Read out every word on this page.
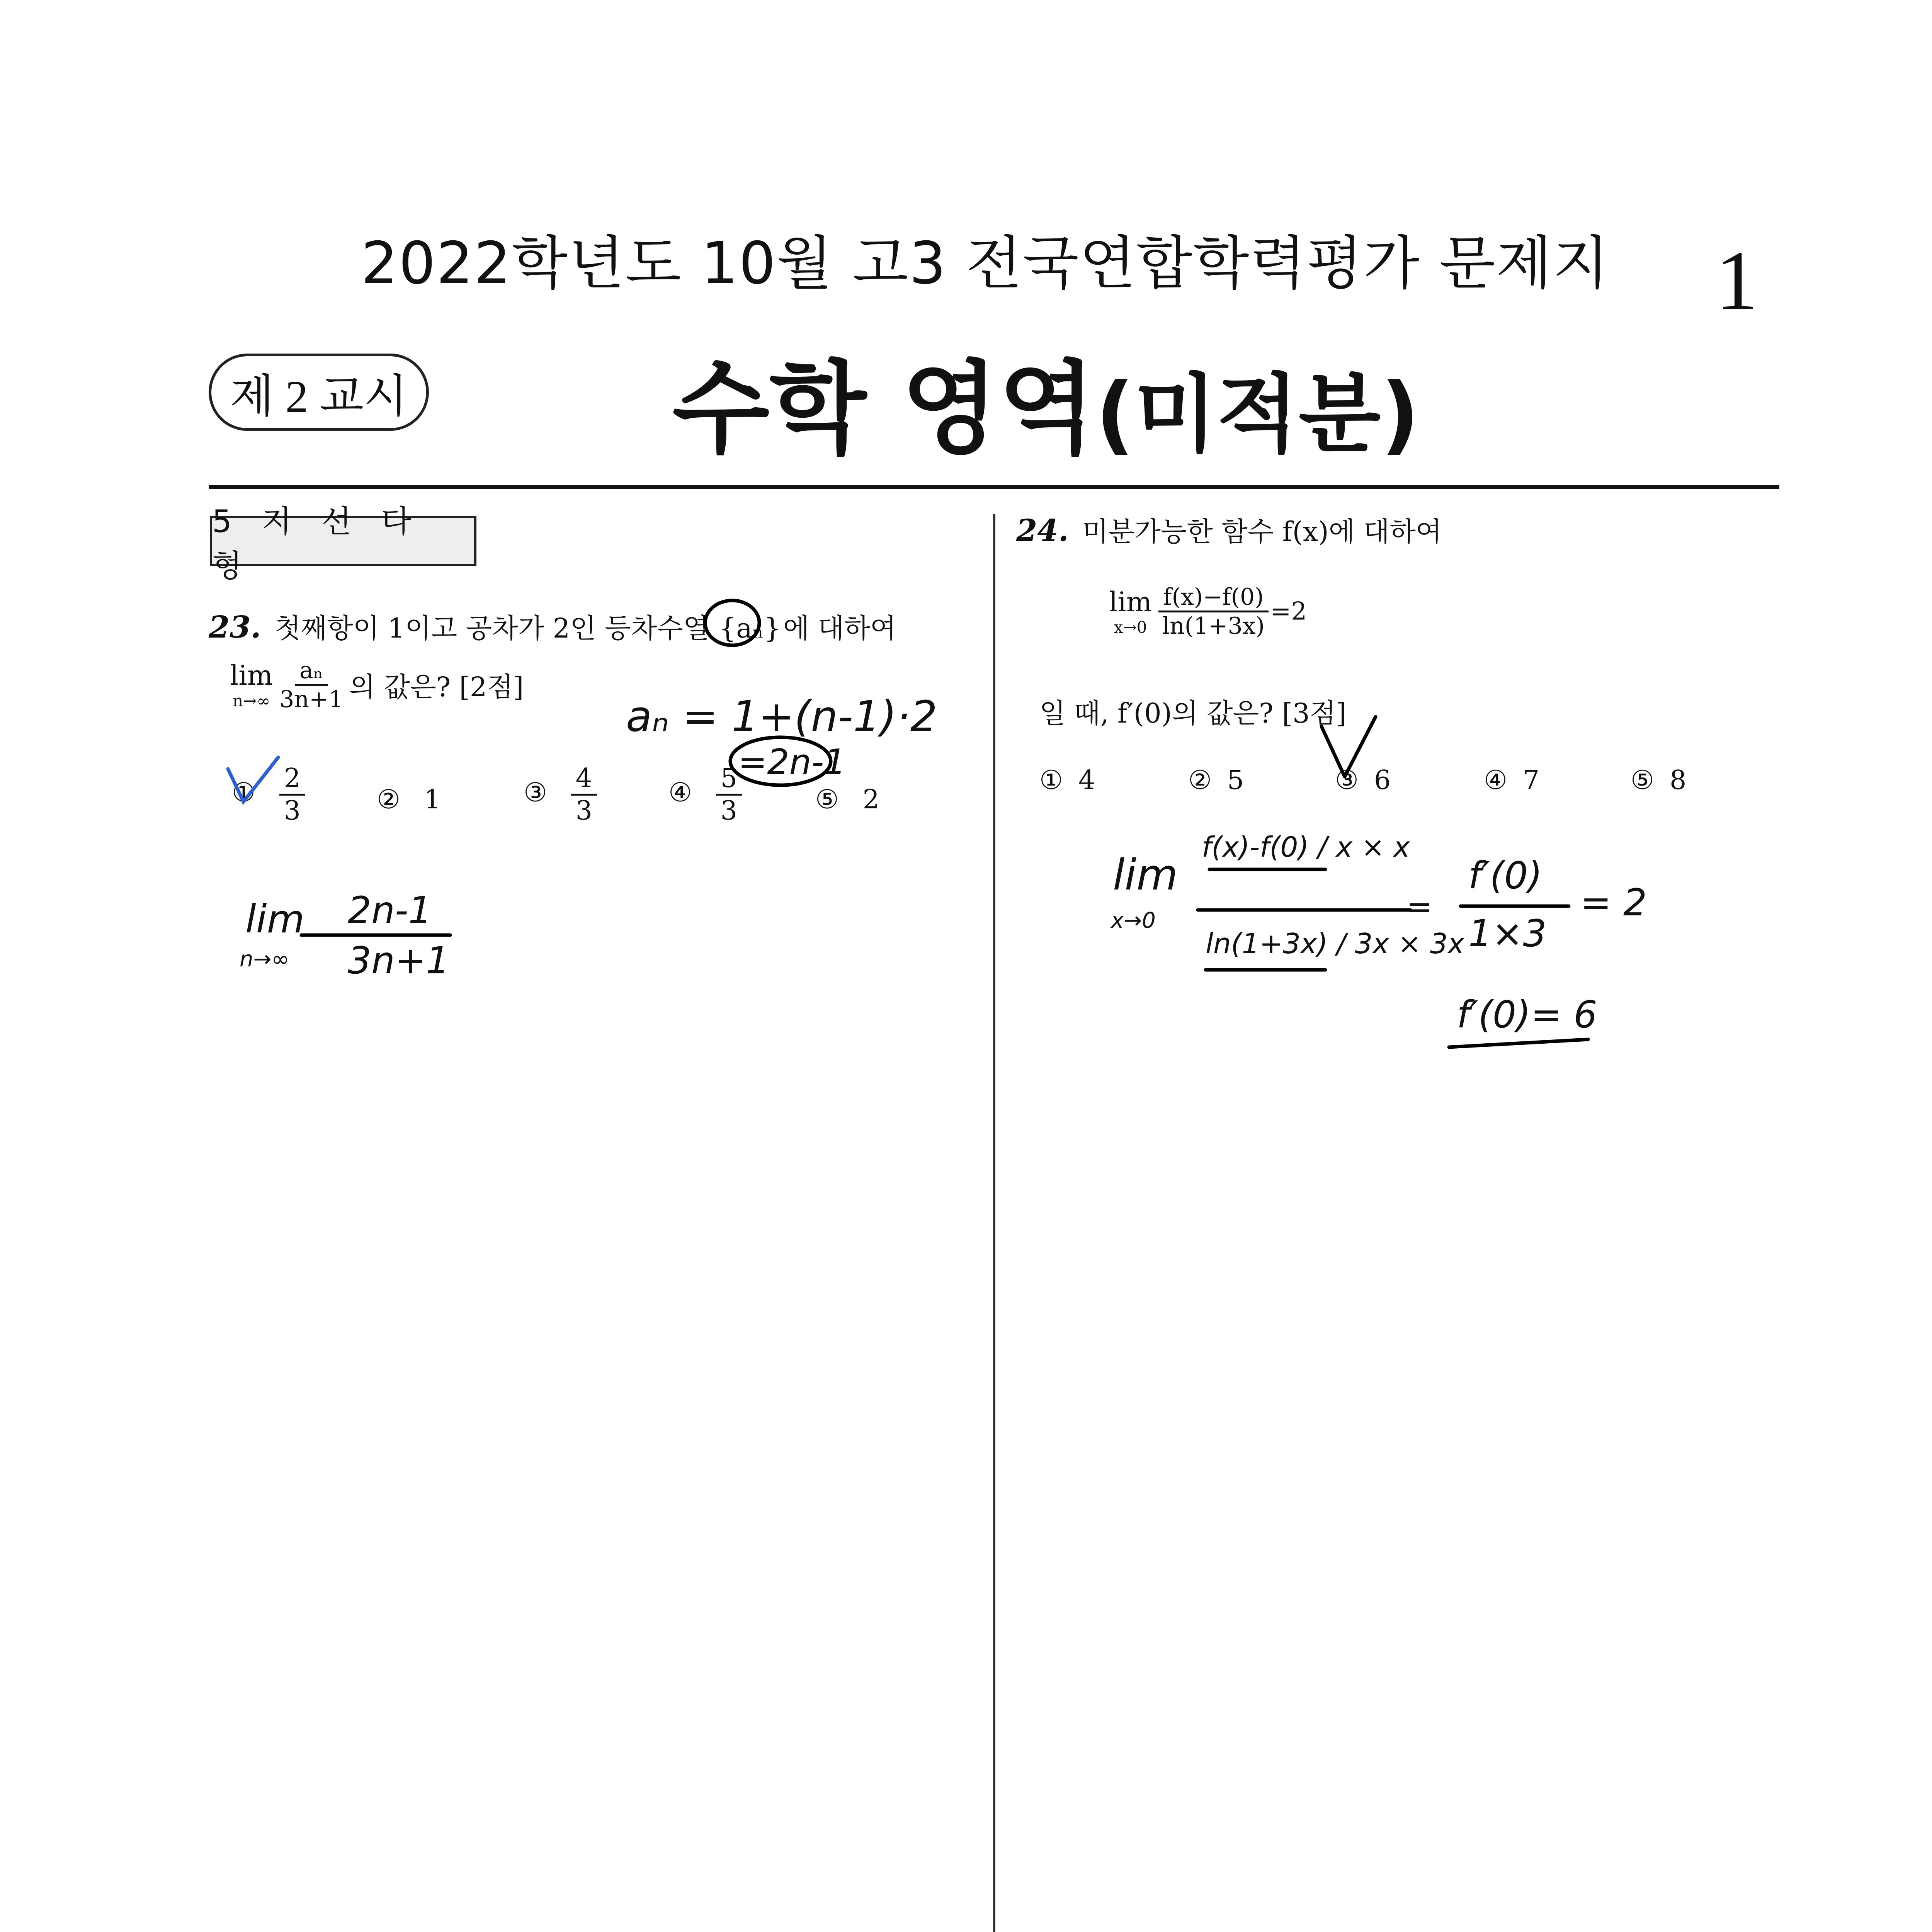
2022학년도 10월 고3 전국연합학력평가 문제지	1
제 2 교시	수학 영역(미적분)
5 지 선 다 형
23. 첫째항이 1이고 공차가 2인 등차수열 {aₙ} 에 대하여
lim
n→∞
$\frac{\text{aₙ}}{3n+1}$ 의 값은? [2점]
① $\frac{2}{3}$	② 1	③ $\frac{4}{3}$	④ $\frac{5}{3}$	⑤ 2
24. 미분가능한 함수 f(x)에 대하여
lim
x→0
$\frac{f(x)-f(0)}{\ln(1+3x)} =2$
일 때, f′(0)의 값은? [3점]
① 4	② 5	③ 6	④ 7	⑤ 8
aₙ = 1+(n-1)·2
=2n-1
lim
n→∞
2n-1
3n+1
lim
x→0
f(x)-f(0) / x × x
ln(1+3x) / 3x × 3x
=
f′(0)
1×3
= 2
f′(0)= 6
